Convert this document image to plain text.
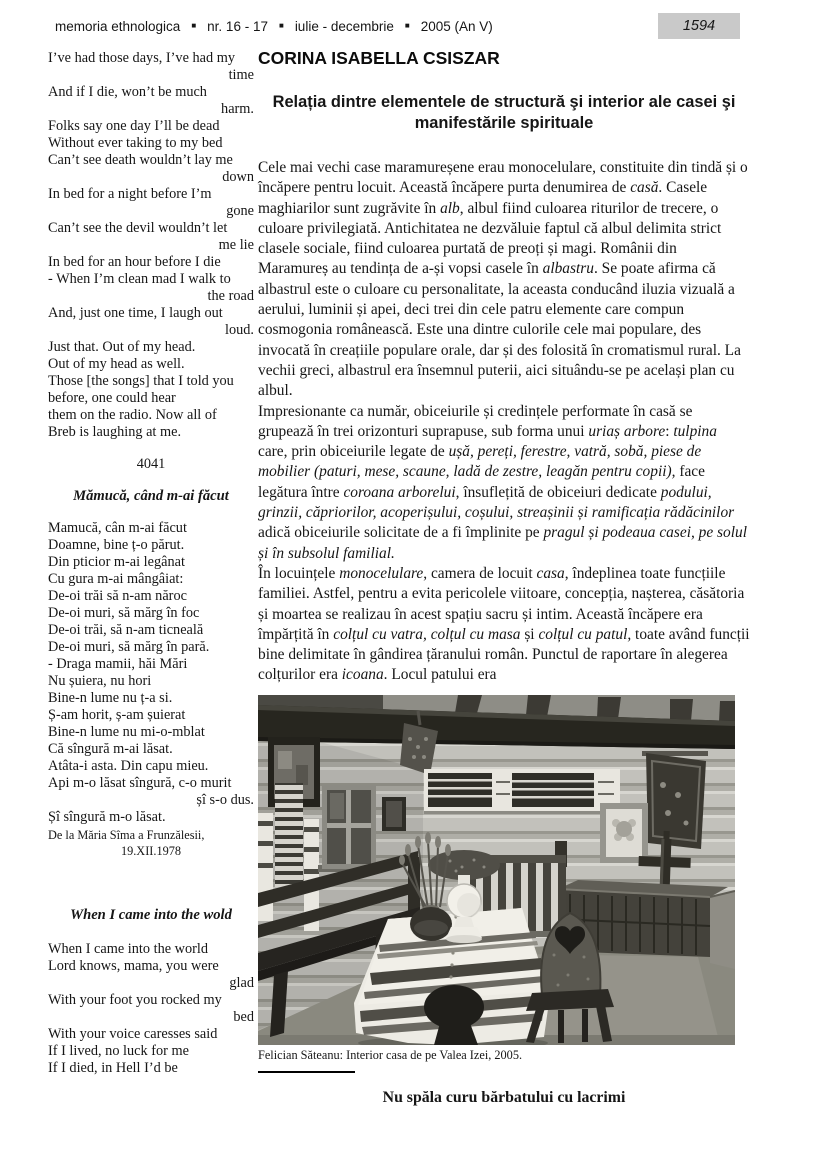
memoria ethnologica ■ nr. 16 - 17 ■ iulie - decembrie ■ 2005 (An V)	1594
I’ve had those days, I’ve had my
time
And if I die, won’t be much
harm.
Folks say one day I’ll be dead
Without ever taking to my bed
Can’t see death wouldn’t lay me
down
In bed for a night before I’m
gone
Can’t see the devil wouldn’t let
me lie
In bed for an hour before I die
- When I’m clean mad I walk to
the road
And, just one time, I laugh out
loud.
Just that. Out of my head.
Out of my head as well.
Those [the songs] that I told you
before, one could hear
them on the radio. Now all of
Breb is laughing at me.
4041
Mămucă, când m-ai făcut
Mamucă, cân m-ai făcut
Doamne, bine ț-o părut.
Din pticior m-ai legânat
Cu gura m-ai mângâiat:
De-oi trăi să n-am năroc
De-oi muri, să mărg în foc
De-oi trăi, să n-am ticneală
De-oi muri, să mărg în pară.
- Draga mamii, hăi Mări
Nu șuiera, nu hori
Bine-n lume nu ț-a si.
Ș-am horit, ș-am șuierat
Bine-n lume nu mi-o-mblat
Că sîngură m-ai lăsat.
Atâta-i asta. Din capu mieu.
Api m-o lăsat sîngură, c-o murit
șî s-o dus.
Șî sîngură m-o lăsat.
De la Măria Sîma a Frunzălesii,
19.XII.1978
When I came into the wold
When I came into the world
Lord knows, mama, you were
glad
With your foot you rocked my
bed
With your voice caresses said
If I lived, no luck for me
If I died, in Hell I’d be
CORINA ISABELLA CSISZAR
Relația dintre elementele de structură şi interior ale casei şi manifestările spirituale

Cele mai vechi case maramureșene erau monocelulare, constituite din tindă și o încăpere pentru locuit. Această încăpere purta denumirea de casă. Casele maghiarilor sunt zugrăvite în alb, albul fiind culoarea riturilor de trecere, o culoare privilegiată. Antichitatea ne dezvăluie faptul că albul delimita strict clasele sociale, fiind culoarea purtată de preoți și magi. Românii din Maramureș au tendința de a-și vopsi casele în albastru. Se poate afirma că albastrul este o culoare cu personalitate, la aceasta conducând iluzia vizuală a aerului, luminii și apei, deci trei din cele patru elemente care compun cosmogonia românească. Este una dintre culorile cele mai populare, des invocată în creațiile populare orale, dar și des folosită în cromatismul rural. La vechii greci, albastrul era însemnul puterii, aici situându-se pe același plan cu albul.

Impresionante ca număr, obiceiurile și credințele performate în casă se grupează în trei orizonturi suprapuse, sub forma unui uriaș arbore: tulpina care, prin obiceiurile legate de ușă, pereți, ferestre, vatră, sobă, piese de mobilier (paturi, mese, scaune, ladă de zestre, leagăn pentru copii), face legătura între coroana arborelui, însuflețită de obiceiuri dedicate podului, grinzii, căpriorilor, acoperișului, coșului, streașinii și ramificația rădăcinilor adică obiceiurile solicitate de a fi împlinite pe pragul și podeaua casei, pe solul și în subsolul familial.

În locuințele monocelulare, camera de locuit casa, îndeplinea toate funcțiile familiei. Astfel, pentru a evita pericolele viitoare, concepția, nașterea, căsătoria și moartea se realizau în acest spațiu sacru și intim. Această încăpere era împărțită în colțul cu vatra, colțul cu masa și colțul cu patul, toate având funcții bine delimitate în gândirea țăranului român. Punctul de raportare în alegerea colțurilor era icoana. Locul patului era

Felician Săteanu: Interior casa de pe Valea Izei, 2005.
Nu spăla curu bărbatului cu lacrimi
